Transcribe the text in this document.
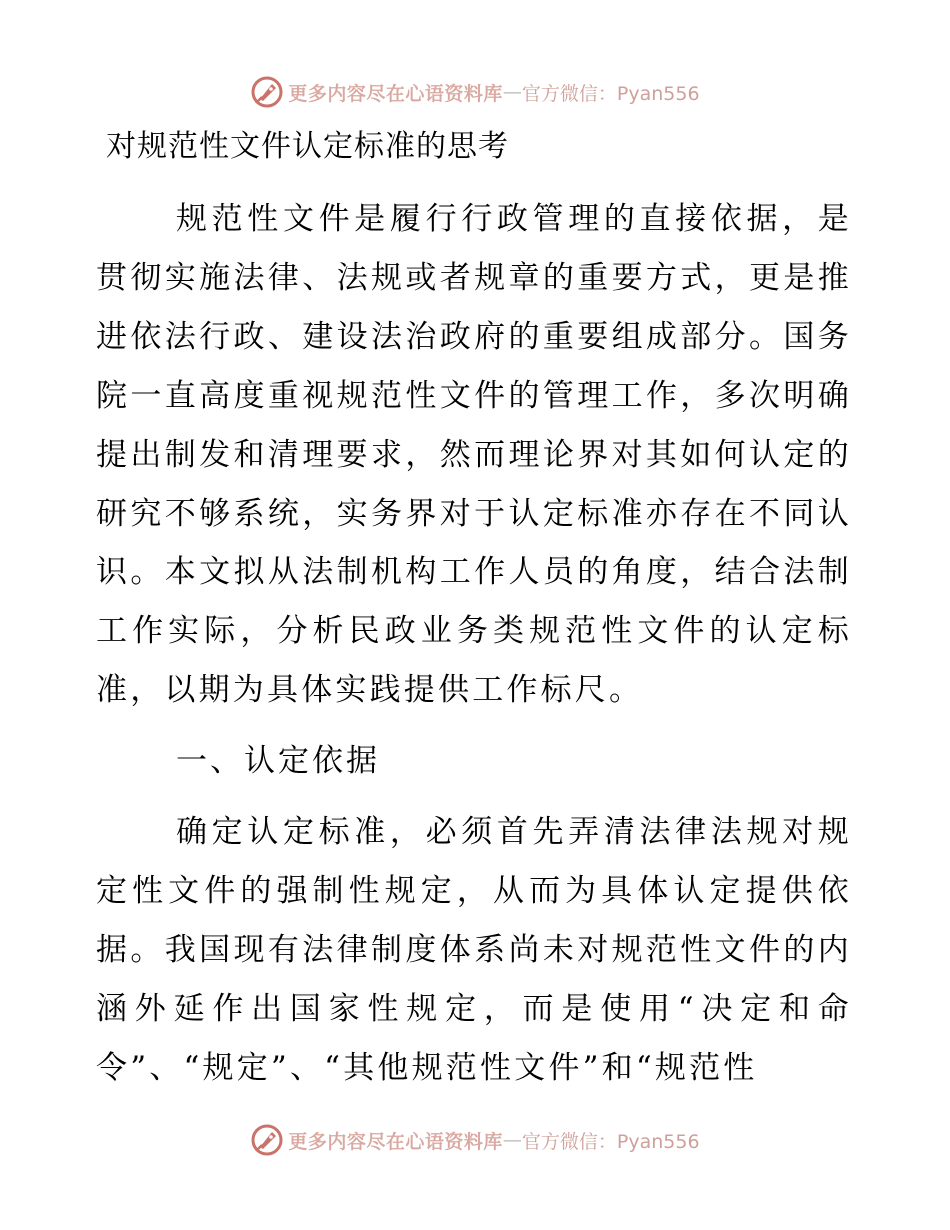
更多内容尽在心语资料库 — 官方微信：Pyan556
对规范性文件认定标准的思考

规范性文件是履行行政管理的直接依据，是贯彻实施法律、法规或者规章的重要方式，更是推进依法行政、建设法治政府的重要组成部分。国务院一直高度重视规范性文件的管理工作，多次明确提出制发和清理要求，然而理论界对其如何认定的研究不够系统，实务界对于认定标准亦存在不同认识。本文拟从法制机构工作人员的角度，结合法制工作实际，分析民政业务类规范性文件的认定标准，以期为具体实践提供工作标尺。

一、认定依据

确定认定标准，必须首先弄清法律法规对规定性文件的强制性规定，从而为具体认定提供依据。我国现有法律制度体系尚未对规范性文件的内涵外延作出国家性规定，而是使用“决定和命令”、“规定”、“其他规范性文件”和“规范性

更多内容尽在心语资料库 — 官方微信：Pyan556
